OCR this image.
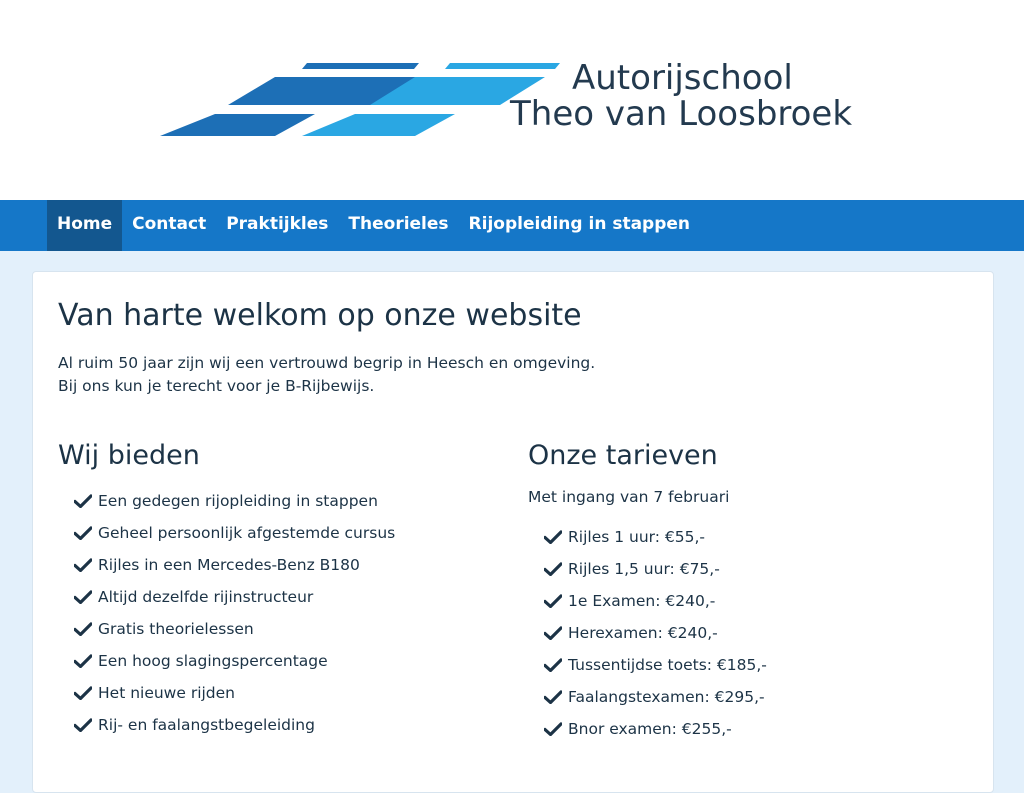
Autorijschool
Theo van Loosbroek
Home	Contact	Praktijkles	Theorieles	Rijopleiding in stappen
Van harte welkom op onze website

Al ruim 50 jaar zijn wij een vertrouwd begrip in Heesch en omgeving.

Bij ons kun je terecht voor je B-Rijbewijs.

Wij bieden
Een gedegen rijopleiding in stappen
Geheel persoonlijk afgestemde cursus
Rijles in een Mercedes-Benz B180
Altijd dezelfde rijinstructeur
Gratis theorielessen
Een hoog slagingspercentage
Het nieuwe rijden
Rij- en faalangstbegeleiding
Onze tarieven

Met ingang van 7 februari

Rijles 1 uur: €55,-
Rijles 1,5 uur: €75,-
1e Examen: €240,-
Herexamen: €240,-
Tussentijdse toets: €185,-
Faalangstexamen: €295,-
Bnor examen: €255,-
